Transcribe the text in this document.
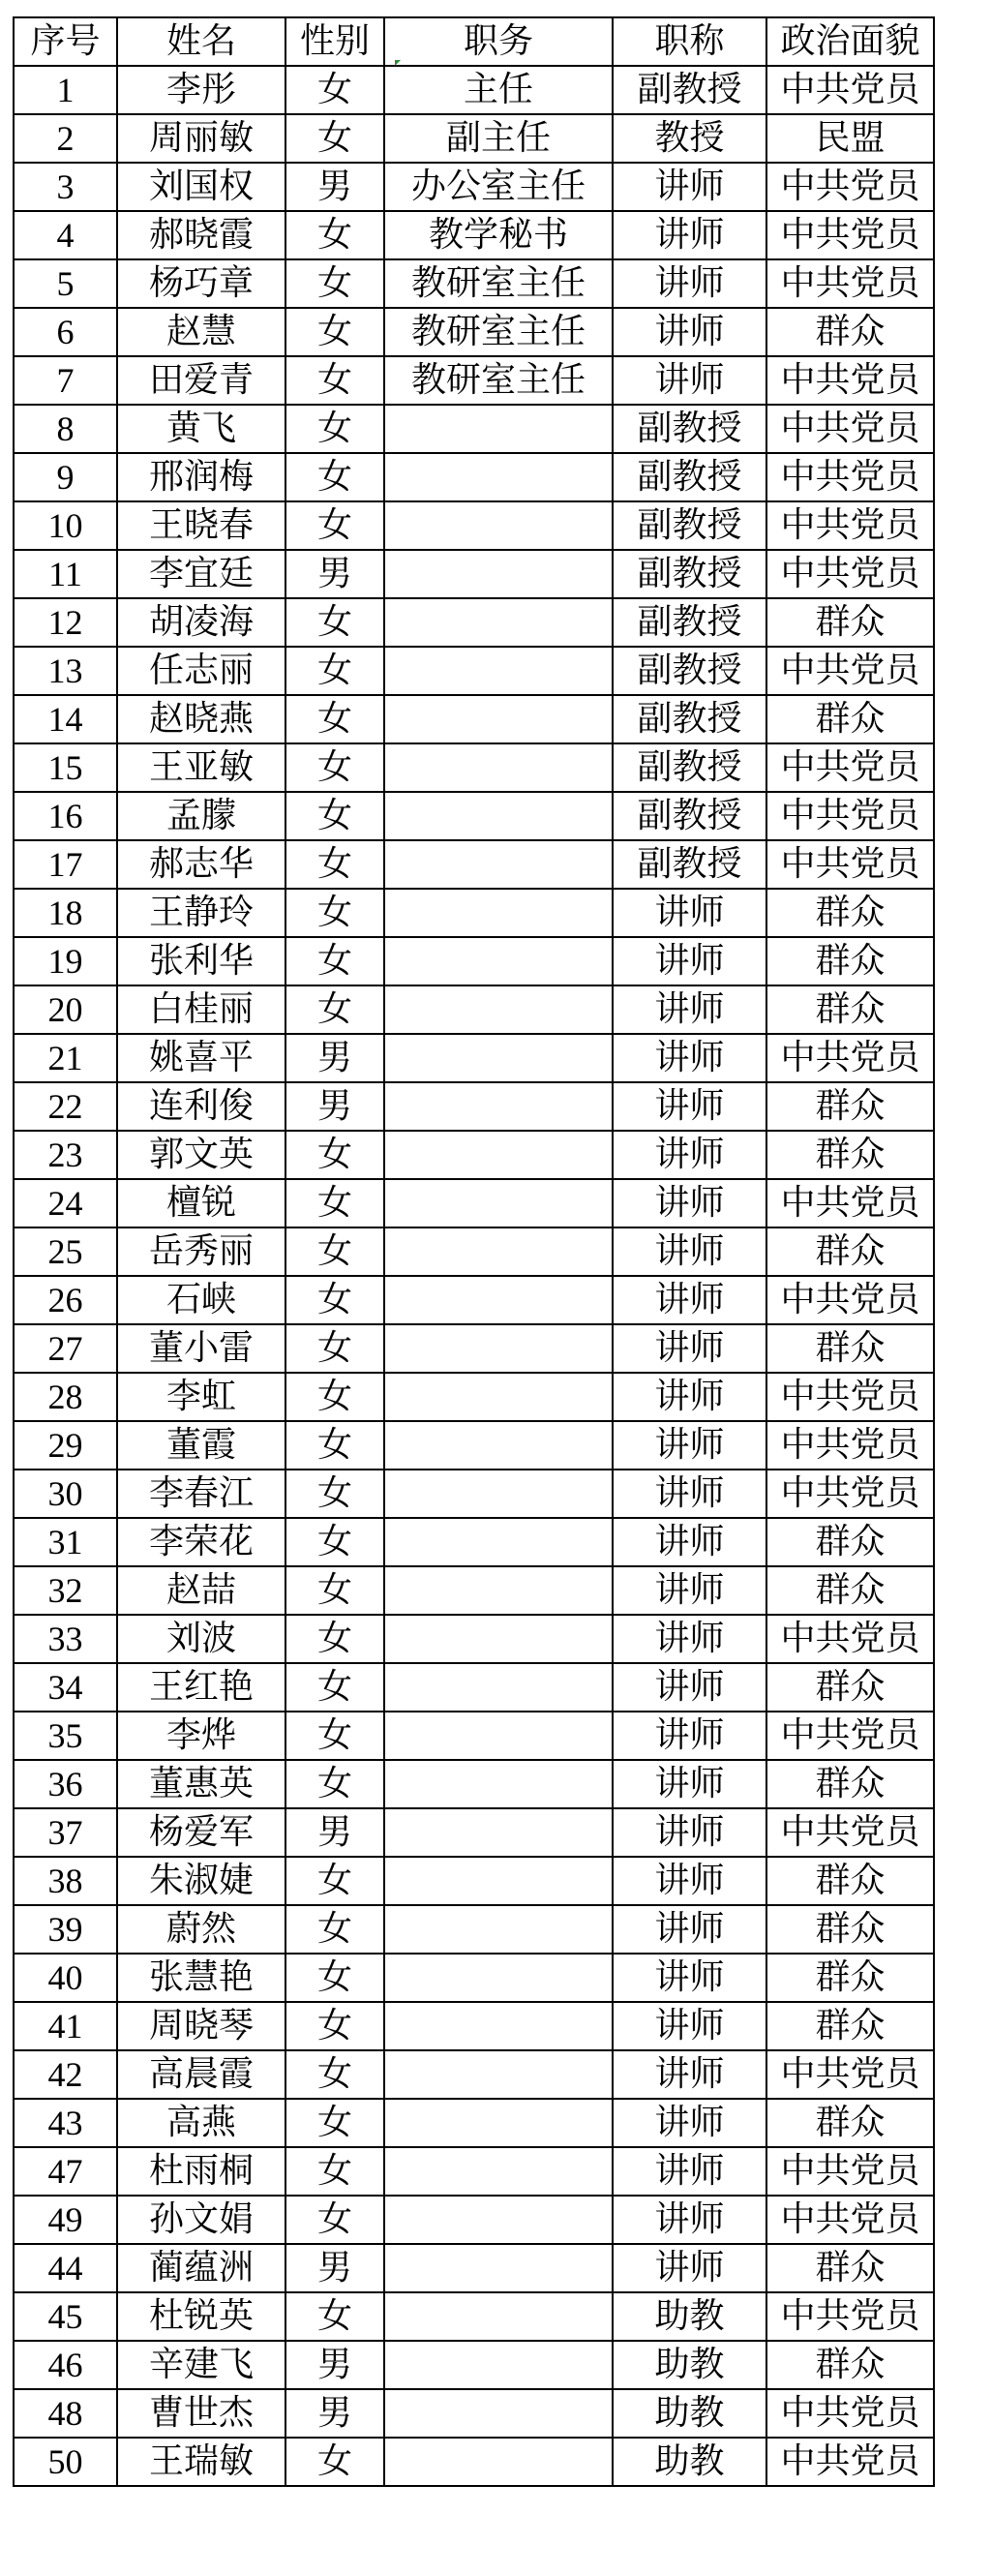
序号	姓名	性别	职务	职称	政治面貌
1	李彤	女	主任	副教授	中共党员
2	周丽敏	女	副主任	教授	民盟
3	刘国权	男	办公室主任	讲师	中共党员
4	郝晓霞	女	教学秘书	讲师	中共党员
5	杨巧章	女	教研室主任	讲师	中共党员
6	赵慧	女	教研室主任	讲师	群众
7	田爱青	女	教研室主任	讲师	中共党员
8	黄飞	女		副教授	中共党员
9	邢润梅	女		副教授	中共党员
10	王晓春	女		副教授	中共党员
11	李宜廷	男		副教授	中共党员
12	胡凌海	女		副教授	群众
13	任志丽	女		副教授	中共党员
14	赵晓燕	女		副教授	群众
15	王亚敏	女		副教授	中共党员
16	孟朦	女		副教授	中共党员
17	郝志华	女		副教授	中共党员
18	王静玲	女		讲师	群众
19	张利华	女		讲师	群众
20	白桂丽	女		讲师	群众
21	姚喜平	男		讲师	中共党员
22	连利俊	男		讲师	群众
23	郭文英	女		讲师	群众
24	檀锐	女		讲师	中共党员
25	岳秀丽	女		讲师	群众
26	石峡	女		讲师	中共党员
27	董小雷	女		讲师	群众
28	李虹	女		讲师	中共党员
29	董霞	女		讲师	中共党员
30	李春江	女		讲师	中共党员
31	李荣花	女		讲师	群众
32	赵喆	女		讲师	群众
33	刘波	女		讲师	中共党员
34	王红艳	女		讲师	群众
35	李烨	女		讲师	中共党员
36	董惠英	女		讲师	群众
37	杨爱军	男		讲师	中共党员
38	朱淑婕	女		讲师	群众
39	蔚然	女		讲师	群众
40	张慧艳	女		讲师	群众
41	周晓琴	女		讲师	群众
42	高晨霞	女		讲师	中共党员
43	高燕	女		讲师	群众
47	杜雨桐	女		讲师	中共党员
49	孙文娟	女		讲师	中共党员
44	蔺蕴洲	男		讲师	群众
45	杜锐英	女		助教	中共党员
46	辛建飞	男		助教	群众
48	曹世杰	男		助教	中共党员
50	王瑞敏	女		助教	中共党员
